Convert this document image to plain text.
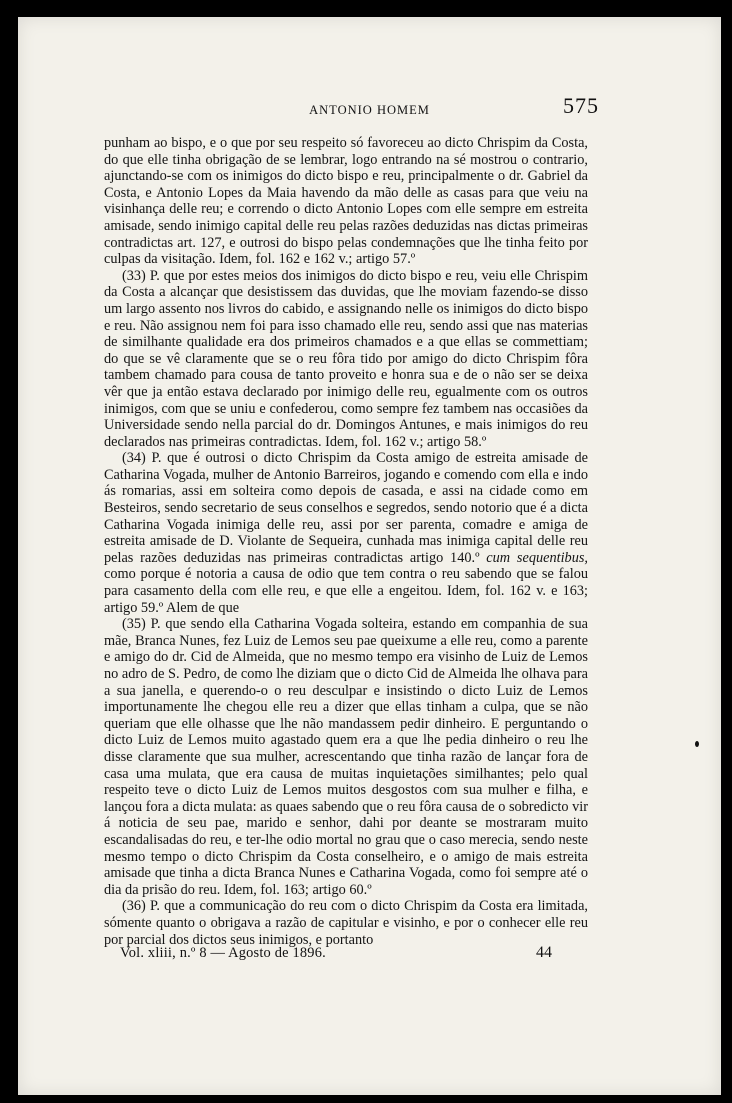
ANTONIO HOMEM	575

punham ao bispo, e o que por seu respeito só favoreceu ao dicto Chrispim da Costa, do que elle tinha obrigação de se lembrar, logo entrando na sé mostrou o contrario, ajunctando-se com os inimigos do dicto bispo e reu, principalmente o dr. Gabriel da Costa, e Antonio Lopes da Maia havendo da mão delle as casas para que veiu na visinhança delle reu; e correndo o dicto Antonio Lopes com elle sempre em estreita amisade, sendo inimigo capital delle reu pelas razões deduzidas nas dictas primeiras contradictas art. 127, e outrosi do bispo pelas condemnações que lhe tinha feito por culpas da visitação. Idem, fol. 162 e 162 v.; artigo 57.º

(33) P. que por estes meios dos inimigos do dicto bispo e reu, veiu elle Chrispim da Costa a alcançar que desistissem das duvidas, que lhe moviam fazendo-se disso um largo assento nos livros do cabido, e assignando nelle os inimigos do dicto bispo e reu. Não assignou nem foi para isso chamado elle reu, sendo assi que nas materias de similhante qualidade era dos primeiros chamados e a que ellas se commettiam; do que se vê claramente que se o reu fôra tido por amigo do dicto Chrispim fôra tambem chamado para cousa de tanto proveito e honra sua e de o não ser se deixa vêr que ja então estava declarado por inimigo delle reu, egualmente com os outros inimigos, com que se uniu e confederou, como sempre fez tambem nas occasiões da Universidade sendo nella parcial do dr. Domingos Antunes, e mais inimigos do reu declarados nas primeiras contradictas. Idem, fol. 162 v.; artigo 58.º

(34) P. que é outrosi o dicto Chrispim da Costa amigo de estreita amisade de Catharina Vogada, mulher de Antonio Barreiros, jogando e comendo com ella e indo ás romarias, assi em solteira como depois de casada, e assi na cidade como em Besteiros, sendo secretario de seus conselhos e segredos, sendo notorio que é a dicta Catharina Vogada inimiga delle reu, assi por ser parenta, comadre e amiga de estreita amisade de D. Violante de Sequeira, cunhada mas inimiga capital delle reu pelas razões deduzidas nas primeiras contradictas artigo 140.º cum sequentibus, como porque é notoria a causa de odio que tem contra o reu sabendo que se falou para casamento della com elle reu, e que elle a engeitou. Idem, fol. 162 v. e 163; artigo 59.º Alem de que

(35) P. que sendo ella Catharina Vogada solteira, estando em companhia de sua mãe, Branca Nunes, fez Luiz de Lemos seu pae queixume a elle reu, como a parente e amigo do dr. Cid de Almeida, que no mesmo tempo era visinho de Luiz de Lemos no adro de S. Pedro, de como lhe diziam que o dicto Cid de Almeida lhe olhava para a sua janella, e querendo-o o reu desculpar e insistindo o dicto Luiz de Lemos importunamente lhe chegou elle reu a dizer que ellas tinham a culpa, que se não queriam que elle olhasse que lhe não mandassem pedir dinheiro. E perguntando o dicto Luiz de Lemos muito agastado quem era a que lhe pedia dinheiro o reu lhe disse claramente que sua mulher, acrescentando que tinha razão de lançar fora de casa uma mulata, que era causa de muitas inquietações similhantes; pelo qual respeito teve o dicto Luiz de Lemos muitos desgostos com sua mulher e filha, e lançou fora a dicta mulata: as quaes sabendo que o reu fôra causa de o sobredicto vir á noticia de seu pae, marido e senhor, dahi por deante se mostraram muito escandalisadas do reu, e ter-lhe odio mortal no grau que o caso merecia, sendo neste mesmo tempo o dicto Chrispim da Costa conselheiro, e o amigo de mais estreita amisade que tinha a dicta Branca Nunes e Catharina Vogada, como foi sempre até o dia da prisão do reu. Idem, fol. 163; artigo 60.º

(36) P. que a communicação do reu com o dicto Chrispim da Costa era limitada, sómente quanto o obrigava a razão de capitular e visinho, e por o conhecer elle reu por parcial dos dictos seus inimigos, e portanto

Vol. xliii, n.º 8 — Agosto de 1896.	44
